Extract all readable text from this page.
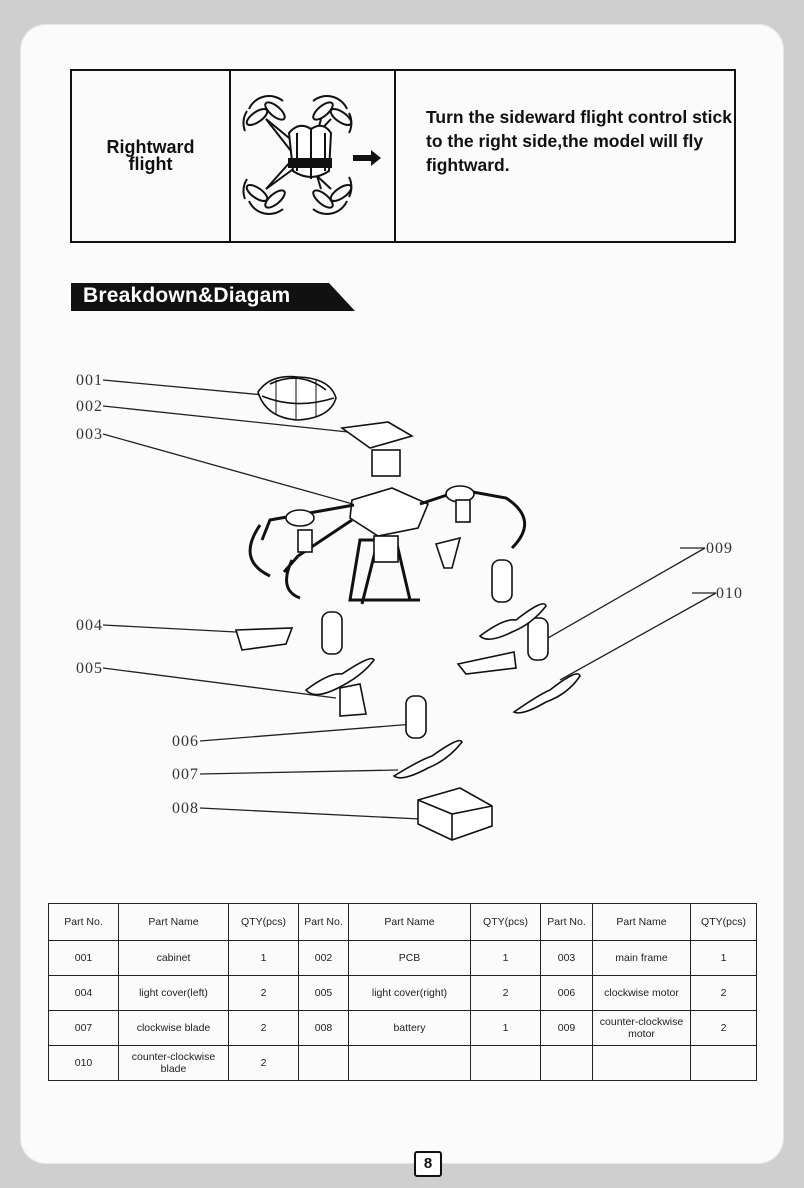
Rightward flight
Turn the sideward flight control stick to the right side,the model will fly fightward.
Breakdown&Diagam
001
002
003
004
005
006
007
008
009
010
Part No.	Part Name	QTY(pcs)	Part No.	Part Name	QTY(pcs)	Part No.	Part Name	QTY(pcs)
001	cabinet	1	002	PCB	1	003	main frame	1
004	light cover(left)	2	005	light cover(right)	2	006	clockwise motor	2
007	clockwise blade	2	008	battery	1	009	counter-clockwise motor	2
010	counter-clockwise blade	2						
8
